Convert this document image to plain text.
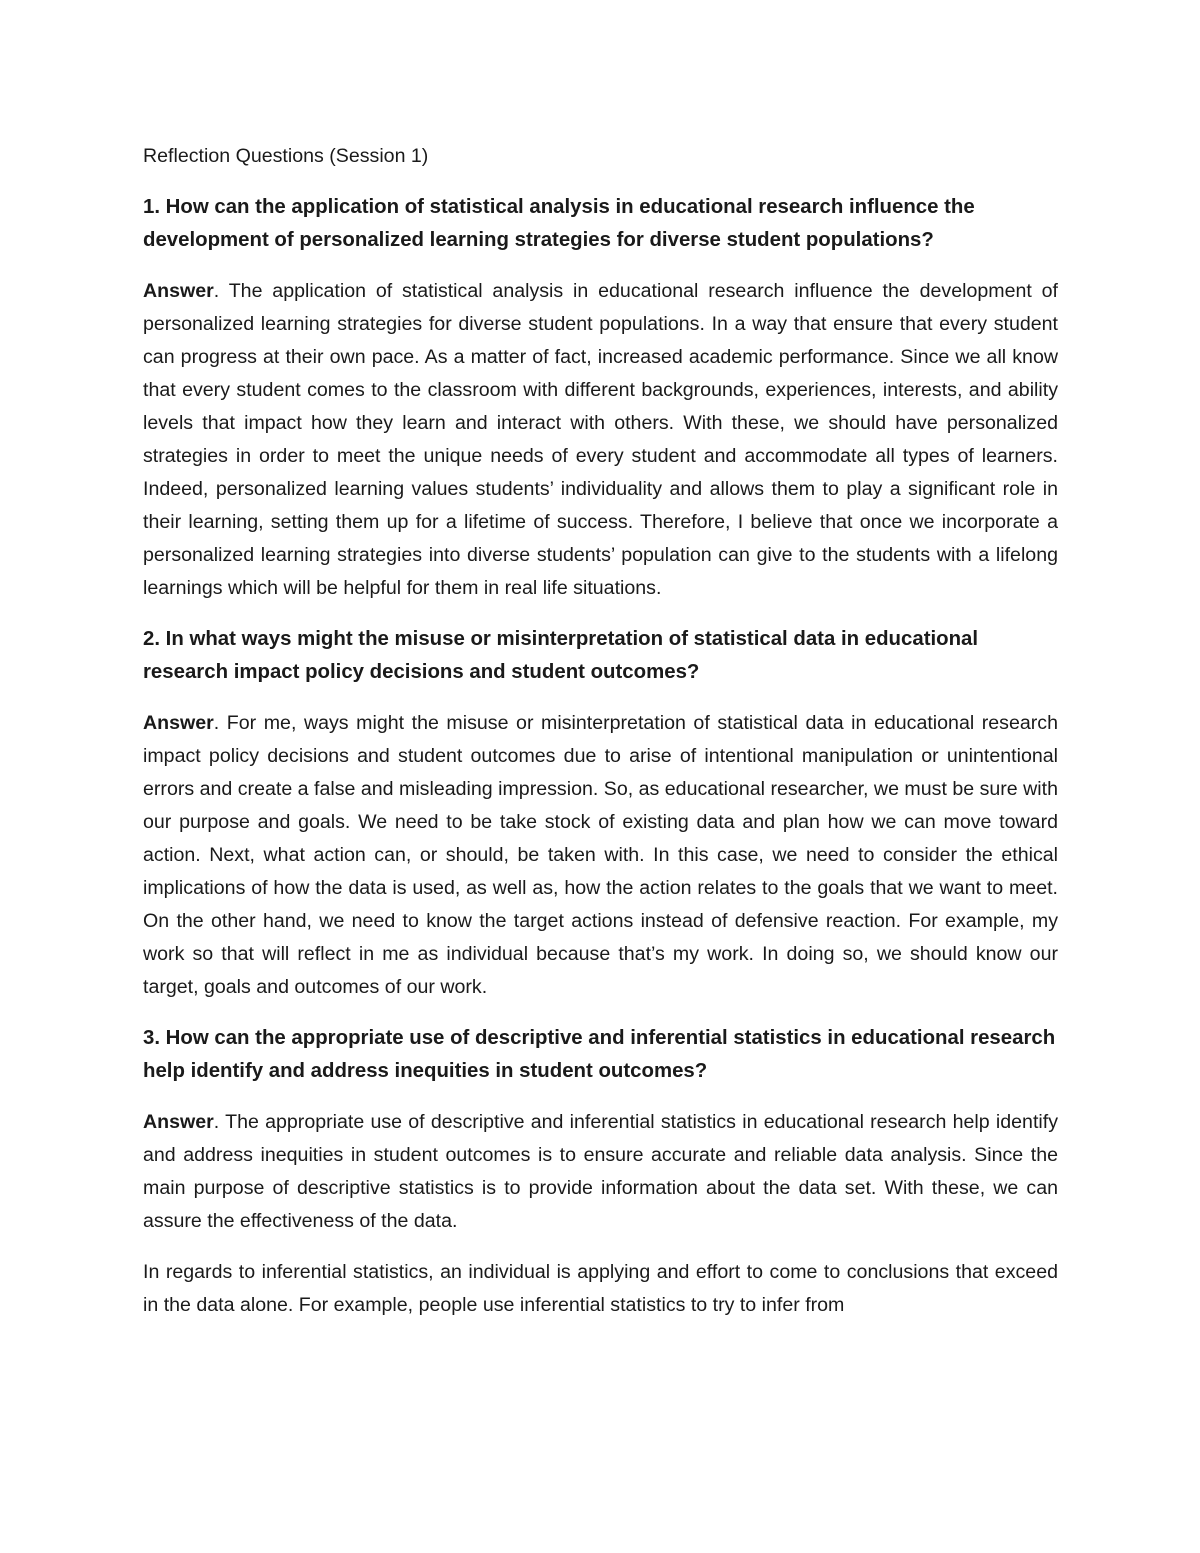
Reflection Questions (Session 1)

1. How can the application of statistical analysis in educational research influence the development of personalized learning strategies for diverse student populations?

Answer. The application of statistical analysis in educational research influence the development of personalized learning strategies for diverse student populations. In a way that ensure that every student can progress at their own pace. As a matter of fact, increased academic performance. Since we all know that every student comes to the classroom with different backgrounds, experiences, interests, and ability levels that impact how they learn and interact with others. With these, we should have personalized strategies in order to meet the unique needs of every student and accommodate all types of learners. Indeed, personalized learning values students’ individuality and allows them to play a significant role in their learning, setting them up for a lifetime of success. Therefore, I believe that once we incorporate a personalized learning strategies into diverse students’ population can give to the students with a lifelong learnings which will be helpful for them in real life situations.

2. In what ways might the misuse or misinterpretation of statistical data in educational research impact policy decisions and student outcomes?

Answer. For me, ways might the misuse or misinterpretation of statistical data in educational research impact policy decisions and student outcomes due to arise of intentional manipulation or unintentional errors and create a false and misleading impression. So, as educational researcher, we must be sure with our purpose and goals. We need to be take stock of existing data and plan how we can move toward action. Next, what action can, or should, be taken with. In this case, we need to consider the ethical implications of how the data is used, as well as, how the action relates to the goals that we want to meet. On the other hand, we need to know the target actions instead of defensive reaction. For example, my work so that will reflect in me as individual because that’s my work. In doing so, we should know our target, goals and outcomes of our work.

3. How can the appropriate use of descriptive and inferential statistics in educational research help identify and address inequities in student outcomes?

Answer. The appropriate use of descriptive and inferential statistics in educational research help identify and address inequities in student outcomes is to ensure accurate and reliable data analysis. Since the main purpose of descriptive statistics is to provide information about the data set. With these, we can assure the effectiveness of the data.

In regards to inferential statistics, an individual is applying and effort to come to conclusions that exceed in the data alone. For example, people use inferential statistics to try to infer from
